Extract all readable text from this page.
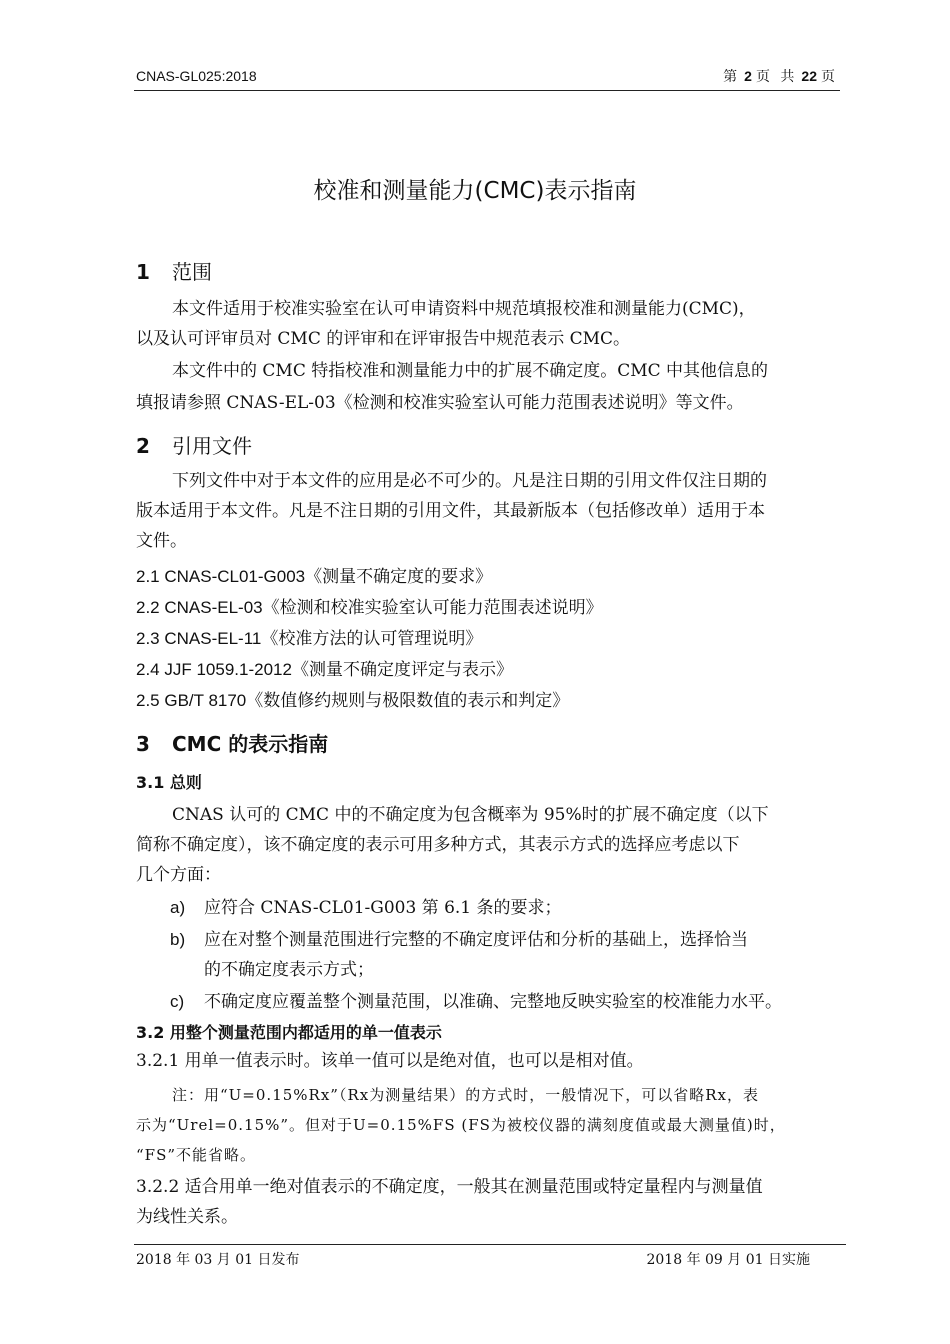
CNAS-GL025:2018	第 2 页 共 22 页
校准和测量能力(CMC)表示指南
1 范围
本文件适用于校准实验室在认可申请资料中规范填报校准和测量能力(CMC)，
以及认可评审员对 CMC 的评审和在评审报告中规范表示 CMC。
本文件中的 CMC 特指校准和测量能力中的扩展不确定度。CMC 中其他信息的
填报请参照 CNAS-EL-03《检测和校准实验室认可能力范围表述说明》等文件。
2 引用文件
下列文件中对于本文件的应用是必不可少的。凡是注日期的引用文件仅注日期的
版本适用于本文件。凡是不注日期的引用文件，其最新版本（包括修改单）适用于本
文件。
2.1 CNAS-CL01-G003《测量不确定度的要求》
2.2 CNAS-EL-03《检测和校准实验室认可能力范围表述说明》
2.3 CNAS-EL-11《校准方法的认可管理说明》
2.4 JJF 1059.1-2012《测量不确定度评定与表示》
2.5 GB/T 8170《数值修约规则与极限数值的表示和判定》
3 CMC 的表示指南
3.1 总则
CNAS 认可的 CMC 中的不确定度为包含概率为 95%时的扩展不确定度（以下
简称不确定度），该不确定度的表示可用多种方式，其表示方式的选择应考虑以下
几个方面：
a) 应符合 CNAS-CL01-G003 第 6.1 条的要求；
b) 应在对整个测量范围进行完整的不确定度评估和分析的基础上，选择恰当
的不确定度表示方式；
c) 不确定度应覆盖整个测量范围，以准确、完整地反映实验室的校准能力水平。
3.2 用整个测量范围内都适用的单一值表示
3.2.1 用单一值表示时。该单一值可以是绝对值，也可以是相对值。
注：用“U=0.15%Rx”（Rx为测量结果）的方式时，一般情况下，可以省略Rx，表
示为“Urel=0.15%”。但对于U=0.15%FS (FS为被校仪器的满刻度值或最大测量值)时，
“FS”不能省略。
3.2.2 适合用单一绝对值表示的不确定度，一般其在测量范围或特定量程内与测量值
为线性关系。
2018 年 03 月 01 日发布	2018 年 09 月 01 日实施
